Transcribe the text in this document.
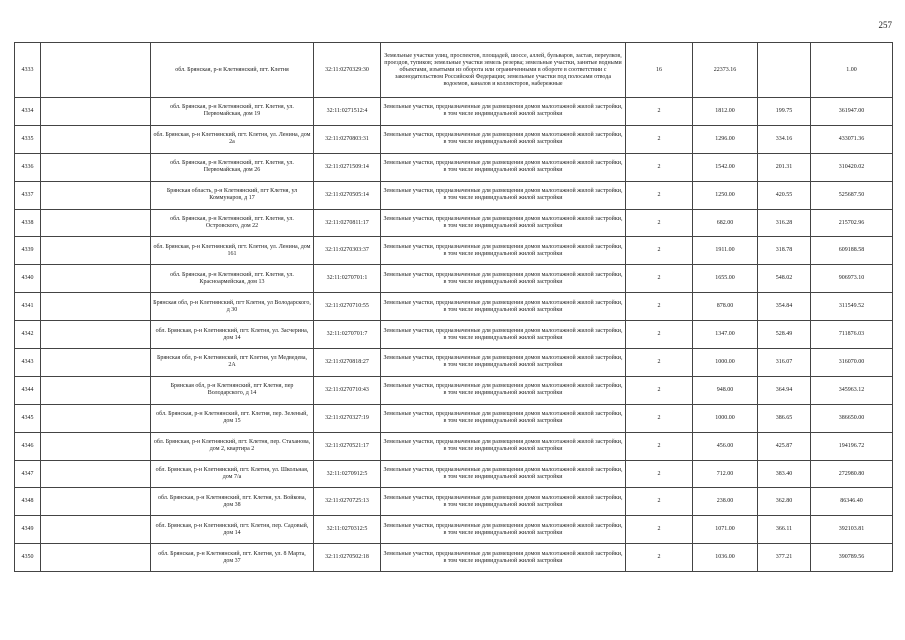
257
4333		обл. Брянская, р-н Клетнянский, пгт. Клетня	32:11:0270329:30	Земельные участки улиц, проспектов, площадей, шоссе, аллей, бульваров, застав, переулков, проездов, тупиков; земельные участки земель резерва; земельные участки, занятые водными объектами, изъятыми из оборота или ограниченными в обороте в соответствии с законодательством Российской Федерации; земельные участки под полосами отвода водоемов, каналов и коллекторов, набережные	16	22373.16		1.00
4334		обл. Брянская, р-н Клетнянский, пгт. Клетня, ул. Первомайская, дом 19	32:11:0271512:4	Земельные участки, предназначенные для размещения домов малоэтажной жилой застройки, в том числе индивидуальной жилой застройки	2	1812.00	199.75	361947.00
4335		обл. Брянская, р-н Клетнянский, пгт. Клетня, ул. Ленина, дом 2а	32:11:0270803:31	Земельные участки, предназначенные для размещения домов малоэтажной жилой застройки, в том числе индивидуальной жилой застройки	2	1296.00	334.16	433071.36
4336		обл. Брянская, р-н Клетнянский, пгт. Клетня, ул. Первомайская, дом 26	32:11:0271509:14	Земельные участки, предназначенные для размещения домов малоэтажной жилой застройки, в том числе индивидуальной жилой застройки	2	1542.00	201.31	310420.02
4337		Брянская область, р-н Клетнянский, пгт Клетня, ул Коммунаров, д 17	32:11:0270505:14	Земельные участки, предназначенные для размещения домов малоэтажной жилой застройки, в том числе индивидуальной жилой застройки	2	1250.00	420.55	525687.50
4338		обл. Брянская, р-н Клетнянский, пгт. Клетня, ул. Островского, дом 22	32:11:0270811:17	Земельные участки, предназначенные для размещения домов малоэтажной жилой застройки, в том числе индивидуальной жилой застройки	2	682.00	316.28	215702.96
4339		обл. Брянская, р-н Клетнянский, пгт. Клетня, ул. Ленина, дом 161	32:11:0270303:37	Земельные участки, предназначенные для размещения домов малоэтажной жилой застройки, в том числе индивидуальной жилой застройки	2	1911.00	318.78	609188.58
4340		обл. Брянская, р-н Клетнянский, пгт. Клетня, ул. Красноармейская, дом 13	32:11:0270701:1	Земельные участки, предназначенные для размещения домов малоэтажной жилой застройки, в том числе индивидуальной жилой застройки	2	1655.00	548.02	906973.10
4341		Брянская обл, р-н Клетнянский, пгт Клетня, ул Володарского, д 30	32:11:0270710:55	Земельные участки, предназначенные для размещения домов малоэтажной жилой застройки, в том числе индивидуальной жилой застройки	2	878.00	354.84	311549.52
4342		обл. Брянская, р-н Клетнянский, пгт. Клетня, ул. Засчерина, дом 14	32:11:0270701:7	Земельные участки, предназначенные для размещения домов малоэтажной жилой застройки, в том числе индивидуальной жилой застройки	2	1347.00	528.49	711876.03
4343		Брянская обл, р-н Клетнянский, пгт Клетня, ул Медведева, 2А	32:11:0270818:27	Земельные участки, предназначенные для размещения домов малоэтажной жилой застройки, в том числе индивидуальной жилой застройки	2	1000.00	316.07	316070.00
4344		Брянская обл, р-н Клетнянский, пгт Клетня, пер Володарского, д 14	32:11:0270710:43	Земельные участки, предназначенные для размещения домов малоэтажной жилой застройки, в том числе индивидуальной жилой застройки	2	948.00	364.94	345963.12
4345		обл. Брянская, р-н Клетнянский, пгт. Клетня, пер. Зеленый, дом 15	32:11:0270327:19	Земельные участки, предназначенные для размещения домов малоэтажной жилой застройки, в том числе индивидуальной жилой застройки	2	1000.00	386.65	386650.00
4346		обл. Брянская, р-н Клетнянский, пгт. Клетня, пер. Стаханова, дом 2, квартира 2	32:11:0270521:17	Земельные участки, предназначенные для размещения домов малоэтажной жилой застройки, в том числе индивидуальной жилой застройки	2	456.00	425.87	194196.72
4347		обл. Брянская, р-н Клетнянский, пгт. Клетня, ул. Школьная, дом 7/а	32:11:0270912:5	Земельные участки, предназначенные для размещения домов малоэтажной жилой застройки, в том числе индивидуальной жилой застройки	2	712.00	383.40	272980.80
4348		обл. Брянская, р-н Клетнянский, пгт. Клетня, ул. Войкова, дом 38	32:11:0270725:13	Земельные участки, предназначенные для размещения домов малоэтажной жилой застройки, в том числе индивидуальной жилой застройки	2	238.00	362.80	86346.40
4349		обл. Брянская, р-н Клетнянский, пгт. Клетня, пер. Садовый, дом 14	32:11:0270312:5	Земельные участки, предназначенные для размещения домов малоэтажной жилой застройки, в том числе индивидуальной жилой застройки	2	1071.00	366.11	392103.81
4350		обл. Брянская, р-н Клетнянский, пгт. Клетня, ул. 8 Марта, дом 37	32:11:0270502:18	Земельные участки, предназначенные для размещения домов малоэтажной жилой застройки, в том числе индивидуальной жилой застройки	2	1036.00	377.21	390789.56
